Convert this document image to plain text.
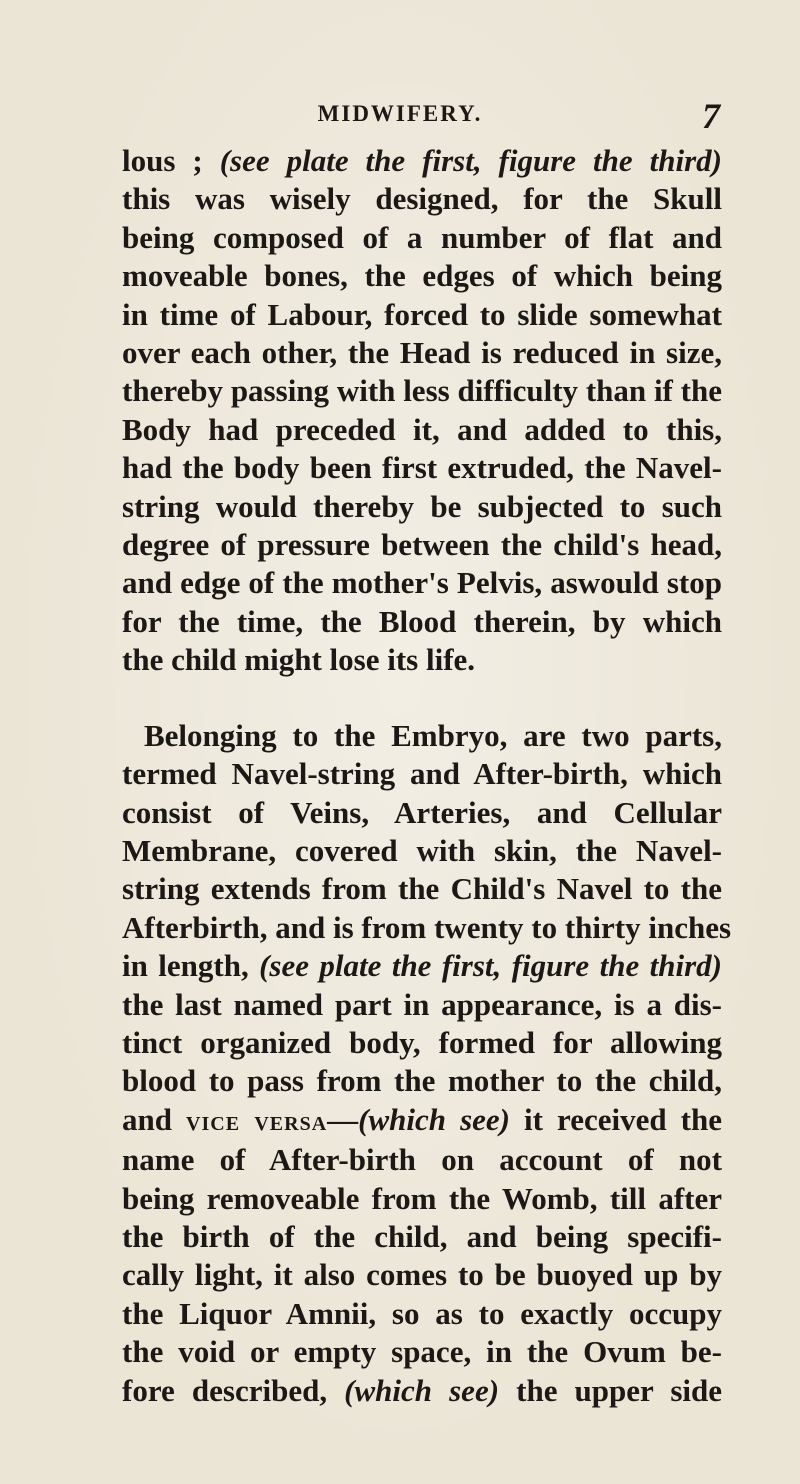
MIDWIFERY.	7
lous ; (see plate the first, figure the third)
this was wisely designed, for the Skull
being composed of a number of flat and
moveable bones, the edges of which being
in time of Labour, forced to slide somewhat
over each other, the Head is reduced in size,
thereby passing with less difficulty than if the
Body had preceded it, and added to this,
had the body been first extruded, the Navel-
string would thereby be subjected to such
degree of pressure between the child's head,
and edge of the mother's Pelvis, aswould stop
for the time, the Blood therein, by which
the child might lose its life.
Belonging to the Embryo, are two parts,
termed Navel-string and After-birth, which
consist of Veins, Arteries, and Cellular
Membrane, covered with skin, the Navel-
string extends from the Child's Navel to the
Afterbirth, and is from twenty to thirty inches
in length, (see plate the first, figure the third)
the last named part in appearance, is a dis-
tinct organized body, formed for allowing
blood to pass from the mother to the child,
and vice versa—(which see) it received the
name of After-birth on account of not
being removeable from the Womb, till after
the birth of the child, and being specifi-
cally light, it also comes to be buoyed up by
the Liquor Amnii, so as to exactly occupy
the void or empty space, in the Ovum be-
fore described, (which see) the upper side
